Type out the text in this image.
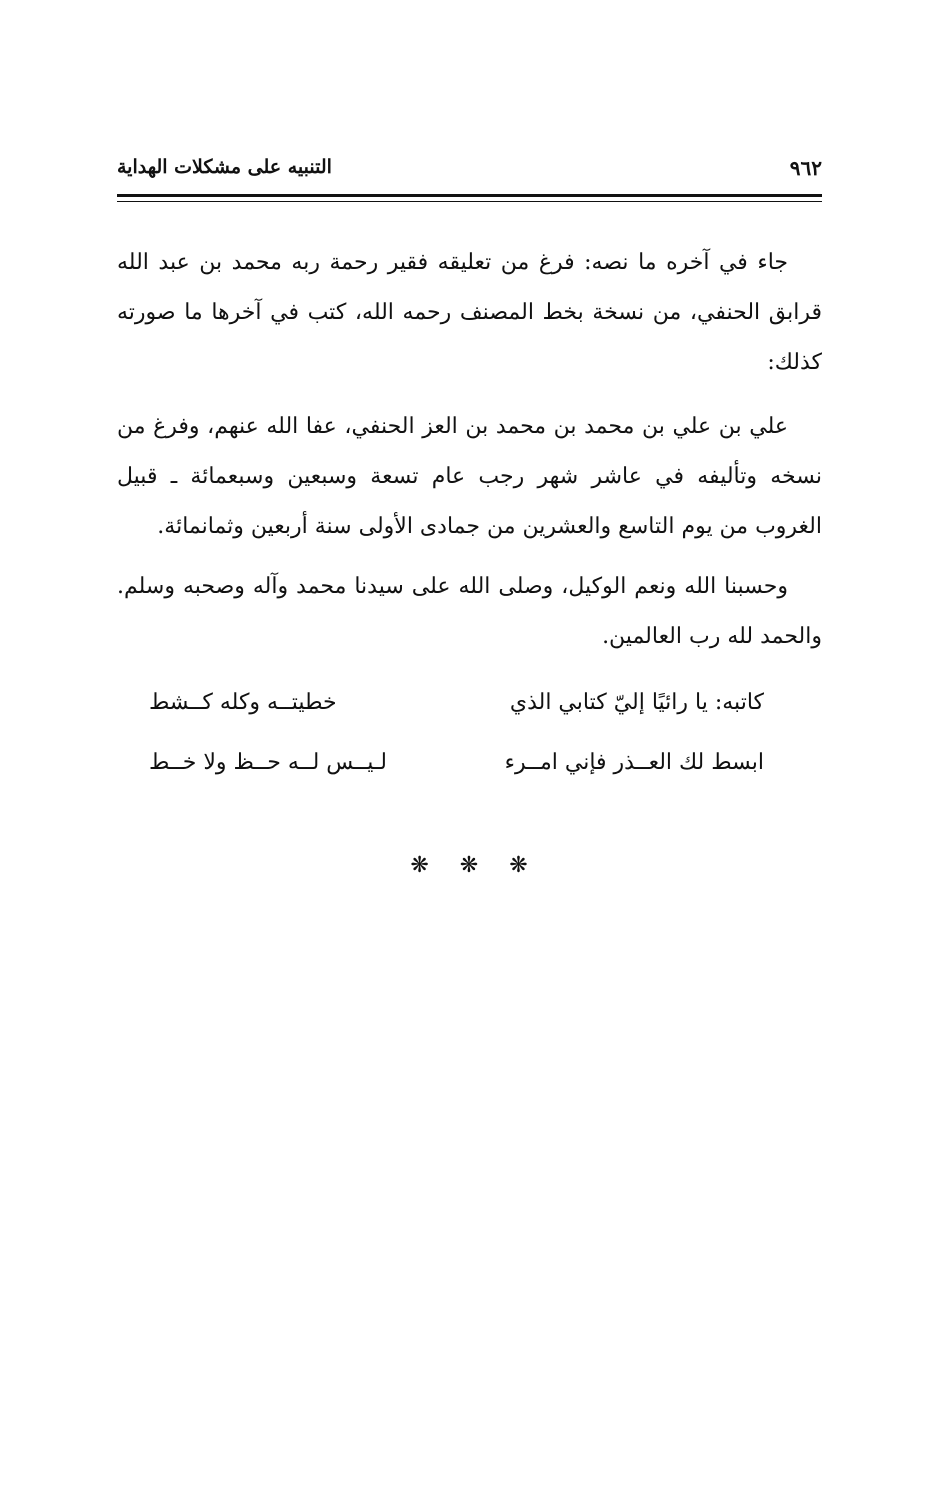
٩٦٢
التنبيه على مشكلات الهداية

جاء في آخره ما نصه: فرغ من تعليقه فقير رحمة ربه محمد بن عبد الله قرابق الحنفي، من نسخة بخط المصنف رحمه الله، كتب في آخرها ما صورته كذلك:

علي بن علي بن محمد بن محمد بن العز الحنفي، عفا الله عنهم، وفرغ من نسخه وتأليفه في عاشر شهر رجب عام تسعة وسبعين وسبعمائة ـ قبيل الغروب من يوم التاسع والعشرين من جمادى الأولى سنة أربعين وثمانمائة.

وحسبنا الله ونعم الوكيل، وصلى الله على سيدنا محمد وآله وصحبه وسلم. والحمد لله رب العالمين.

كاتبه: يا رائيًا إليّ كتابي الذي
خطيتــه وكله كــشط
ابسط لك العــذر فإني امــرء
لـيــس لــه حــظ ولا خــط
❋ ❋ ❋
